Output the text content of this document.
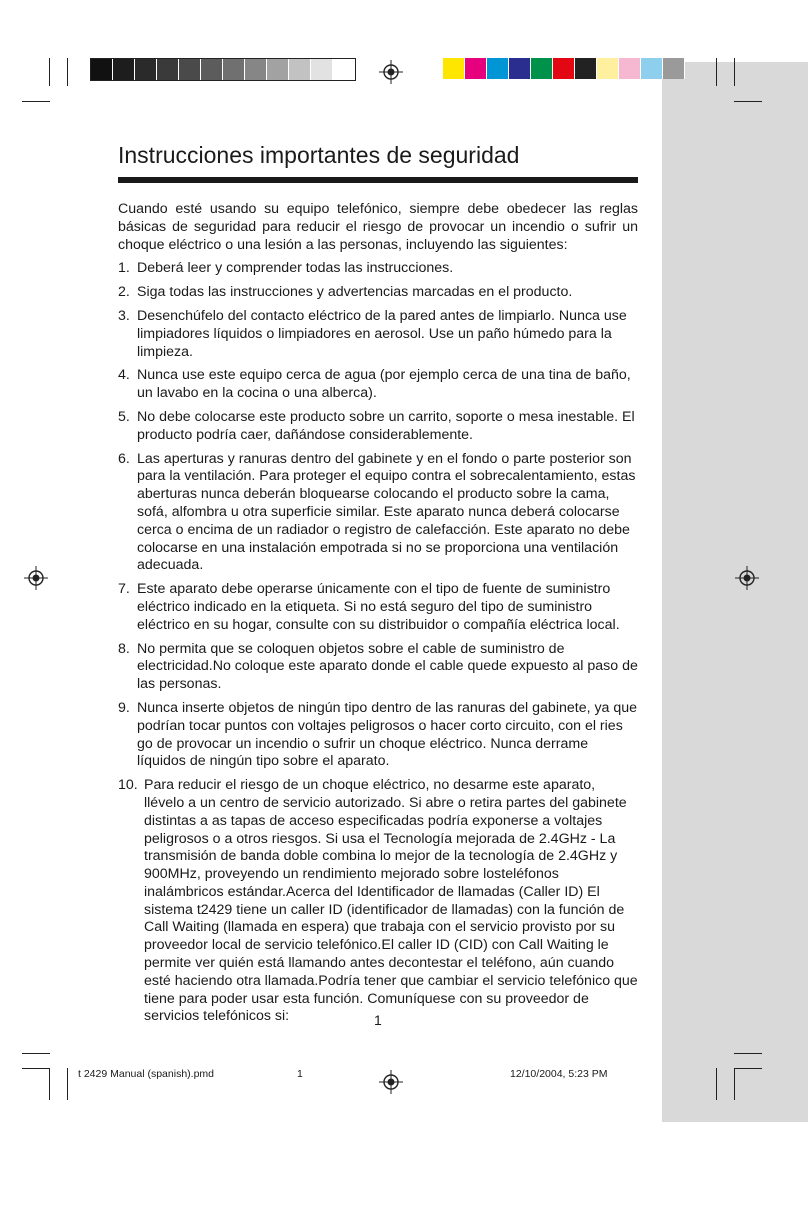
Instrucciones importantes de seguridad

Cuando esté usando su equipo telefónico, siempre debe obedecer las reglas básicas de seguridad para reducir el riesgo de provocar un incendio o sufrir un choque eléctrico o una lesión a las personas, incluyendo las siguientes:

1. Deberá leer y comprender todas las instrucciones.
2. Siga todas las instrucciones y advertencias marcadas en el producto.
3. Desenchúfelo del contacto eléctrico de la pared antes de limpiarlo. Nunca use limpiadores líquidos o limpiadores en aerosol. Use un paño húmedo para la limpieza.
4. Nunca use este equipo cerca de agua (por ejemplo cerca de una tina de baño, un lavabo en la cocina o una alberca).
5. No debe colocarse este producto sobre un carrito, soporte o mesa inestable. El producto podría caer, dañándose considerablemente.
6. Las aperturas y ranuras dentro del gabinete y en el fondo o parte posterior son para la ventilación. Para proteger el equipo contra el sobrecalentamiento, estas aberturas nunca deberán bloquearse colocando el producto sobre la cama, sofá, alfombra u otra superficie similar. Este aparato nunca deberá colocarse cerca o encima de un radiador o registro de calefacción. Este aparato no debe colocarse en una instalación empotrada si no se proporciona una ventilación adecuada.
7. Este aparato debe operarse únicamente con el tipo de fuente de suministro eléctrico indicado en la etiqueta. Si no está seguro del tipo de suministro eléctrico en su hogar, consulte con su distribuidor o compañía eléctrica local.
8. No permita que se coloquen objetos sobre el cable de suministro de electricidad.No coloque este aparato donde el cable quede expuesto al paso de las personas.
9. Nunca inserte objetos de ningún tipo dentro de las ranuras del gabinete, ya que podrían tocar puntos con voltajes peligrosos o hacer corto circuito, con el ries go de provocar un incendio o sufrir un choque eléctrico. Nunca derrame líquidos de ningún tipo sobre el aparato.
10. Para reducir el riesgo de un choque eléctrico, no desarme este aparato, llévelo a un centro de servicio autorizado. Si abre o retira partes del gabinete distintas a as tapas de acceso especificadas podría exponerse a voltajes peligrosos o a otros riesgos. Si usa el Tecnología mejorada de 2.4GHz - La transmisión de banda doble combina lo mejor de la tecnología de 2.4GHz y 900MHz, proveyendo un rendimiento mejorado sobre losteléfonos inalámbricos estándar.Acerca del Identificador de llamadas (Caller ID) El sistema t2429 tiene un caller ID (identificador de llamadas) con la función de Call Waiting (llamada en espera) que trabaja con el servicio provisto por su proveedor local de servicio telefónico.El caller ID (CID) con Call Waiting le permite ver quién está llamando antes decontestar el teléfono, aún cuando esté haciendo otra llamada.Podría tener que cambiar el servicio telefónico que tiene para poder usar esta función. Comuníquese con su proveedor de servicios telefónicos si:	1
t 2429 Manual (spanish).pmd	1	12/10/2004, 5:23 PM
